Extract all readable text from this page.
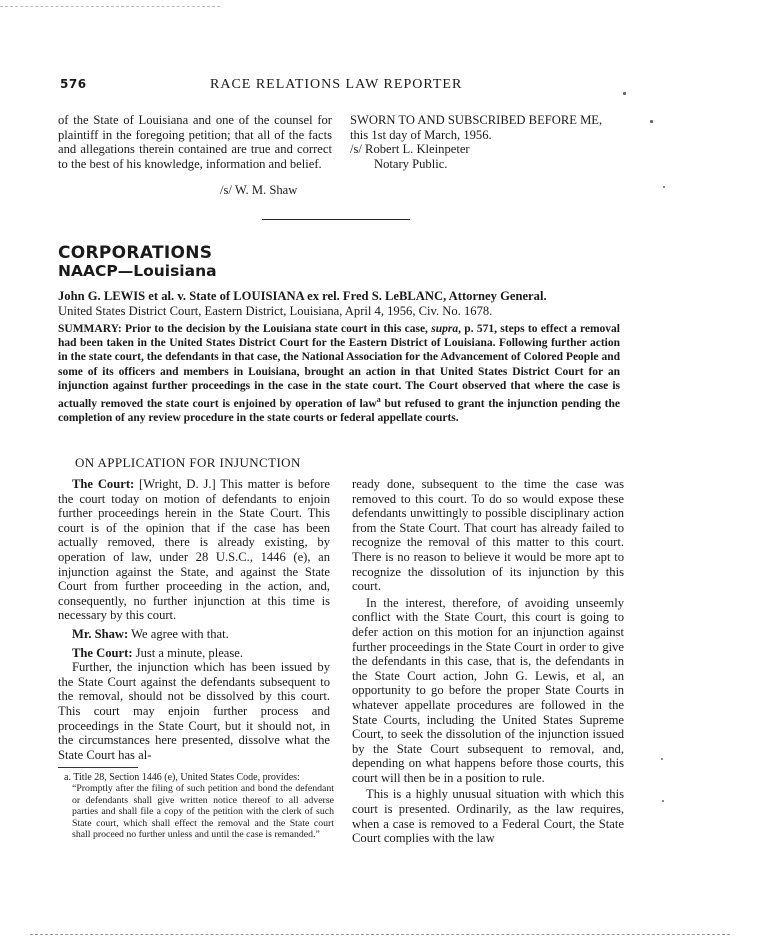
576	RACE RELATIONS LAW REPORTER

of the State of Louisiana and one of the counsel for plaintiff in the foregoing petition; that all of the facts and allegations therein contained are true and correct to the best of his knowledge, information and belief.

/s/ W. M. Shaw

SWORN TO AND SUBSCRIBED BEFORE ME,

this 1st day of March, 1956.

/s/ Robert L. Kleinpeter

Notary Public.

CORPORATIONS
NAACP—Louisiana
John G. LEWIS et al. v. State of LOUISIANA ex rel. Fred S. LeBLANC, Attorney General.
United States District Court, Eastern District, Louisiana, April 4, 1956, Civ. No. 1678.
SUMMARY: Prior to the decision by the Louisiana state court in this case, supra, p. 571, steps to effect a removal had been taken in the United States District Court for the Eastern District of Louisiana. Following further action in the state court, the defendants in that case, the National Association for the Advancement of Colored People and some of its officers and members in Louisiana, brought an action in that United States District Court for an injunction against further proceedings in the case in the state court. The Court observed that where the case is actually removed the state court is enjoined by operation of law$^a$ but refused to grant the injunction pending the completion of any review procedure in the state courts or federal appellate courts.
ON APPLICATION FOR INJUNCTION

The Court: [Wright, D. J.] This matter is before the court today on motion of defendants to enjoin further proceedings herein in the State Court. This court is of the opinion that if the case has been actually removed, there is already existing, by operation of law, under 28 U.S.C., 1446 (e), an injunction against the State, and against the State Court from further proceeding in the action, and, consequently, no further injunction at this time is necessary by this court.

Mr. Shaw: We agree with that.

The Court: Just a minute, please.

Further, the injunction which has been issued by the State Court against the defendants subsequent to the removal, should not be dissolved by this court. This court may enjoin further process and proceedings in the State Court, but it should not, in the circumstances here presented, dissolve what the State Court has al-

a. Title 28, Section 1446 (e), United States Code, provides:
“Promptly after the filing of such petition and bond the defendant or defendants shall give written notice thereof to all adverse parties and shall file a copy of the petition with the clerk of such State court, which shall effect the removal and the State court shall proceed no further unless and until the case is remanded.”

ready done, subsequent to the time the case was removed to this court. To do so would expose these defendants unwittingly to possible disciplinary action from the State Court. That court has already failed to recognize the removal of this matter to this court. There is no reason to believe it would be more apt to recognize the dissolution of its injunction by this court.

In the interest, therefore, of avoiding unseemly conflict with the State Court, this court is going to defer action on this motion for an injunction against further proceedings in the State Court in order to give the defendants in this case, that is, the defendants in the State Court action, John G. Lewis, et al, an opportunity to go before the proper State Courts in whatever appellate procedures are followed in the State Courts, including the United States Supreme Court, to seek the dissolution of the injunction issued by the State Court subsequent to removal, and, depending on what happens before those courts, this court will then be in a position to rule.

This is a highly unusual situation with which this court is presented. Ordinarily, as the law requires, when a case is removed to a Federal Court, the State Court complies with the law
